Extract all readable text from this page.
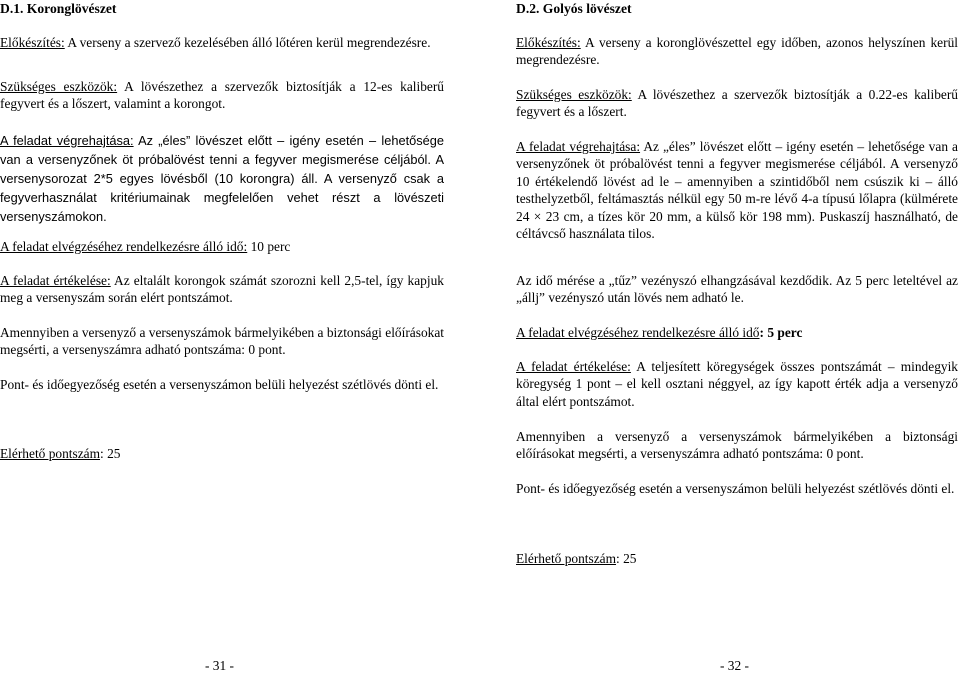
D.1. Koronglövészet

Előkészítés: A verseny a szervező kezelésében álló lőtéren kerül megrendezésre.

Szükséges eszközök: A lövészethez a szervezők biztosítják a 12-es kaliberű fegyvert és a lőszert, valamint a korongot.

A feladat végrehajtása: Az „éles” lövészet előtt – igény esetén – lehetősége van a versenyzőnek öt próbalövést tenni a fegyver megismerése céljából. A versenysorozat 2*5 egyes lövésből (10 korongra) áll. A versenyző csak a fegyverhasználat kritériumainak megfelelően vehet részt a lövészeti versenyszámokon.

A feladat elvégzéséhez rendelkezésre álló idő: 10 perc

A feladat értékelése: Az eltalált korongok számát szorozni kell 2,5-tel, így kapjuk meg a versenyszám során elért pontszámot.

Amennyiben a versenyző a versenyszámok bármelyikében a biztonsági előírásokat megsérti, a versenyszámra adható pontszáma: 0 pont.

Pont- és időegyezőség esetén a versenyszámon belüli helyezést szétlövés dönti el.

Elérhető pontszám: 25

- 31 -
D.2. Golyós lövészet

Előkészítés: A verseny a koronglövészettel egy időben, azonos helyszínen kerül megrendezésre.

Szükséges eszközök: A lövészethez a szervezők biztosítják a 0.22-es kaliberű fegyvert és a lőszert.

A feladat végrehajtása: Az „éles” lövészet előtt – igény esetén – lehetősége van a versenyzőnek öt próbalövést tenni a fegyver megismerése céljából. A versenyző 10 értékelendő lövést ad le – amennyiben a szintidőből nem csúszik ki – álló testhelyzetből, feltámasztás nélkül egy 50 m-re lévő 4-a típusú lőlapra (külmérete 24 × 23 cm, a tízes kör 20 mm, a külső kör 198 mm). Puskaszíj használható, de céltávcső használata tilos.

Az idő mérése a „tűz” vezényszó elhangzásával kezdődik. Az 5 perc leteltével az „állj” vezényszó után lövés nem adható le.

A feladat elvégzéséhez rendelkezésre álló idő: 5 perc

A feladat értékelése: A teljesített köregységek összes pontszámát – mindegyik köregység 1 pont – el kell osztani néggyel, az így kapott érték adja a versenyző által elért pontszámot.

Amennyiben a versenyző a versenyszámok bármelyikében a biztonsági előírásokat megsérti, a versenyszámra adható pontszáma: 0 pont.

Pont- és időegyezőség esetén a versenyszámon belüli helyezést szétlövés dönti el.

Elérhető pontszám: 25

- 32 -
